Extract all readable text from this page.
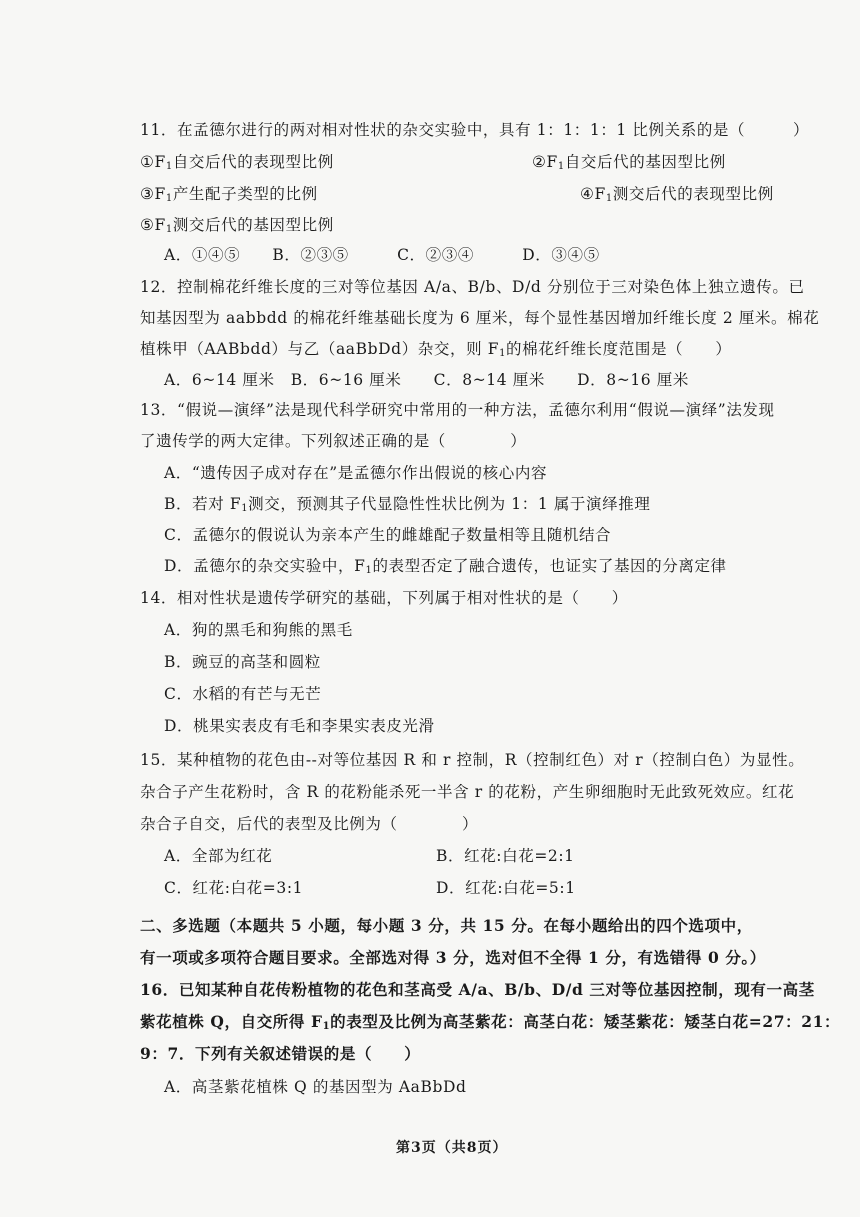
11．在孟德尔进行的两对相对性状的杂交实验中，具有 1：1：1：1 比例关系的是（	）
$①F_1$自交后代的表现型比例	$②F_1$自交后代的基因型比例
$③F_1$产生配子类型的比例	$④F_1$测交后代的表现型比例
$⑤F_1$测交后代的基因型比例
A．①④⑤　　B．②③⑤　　　C．②③④　　　D．③④⑤
12．控制棉花纤维长度的三对等位基因 A/a、B/b、D/d 分别位于三对染色体上独立遗传。已
知基因型为 aabbdd 的棉花纤维基础长度为 6 厘米，每个显性基因增加纤维长度 2 厘米。棉花
植株甲（AABbdd）与乙（aaBbDd）杂交，则 $F_1$的棉花纤维长度范围是（　　）
A．6~14 厘米　B．6~16 厘米　　C．8~14 厘米　　D．8~16 厘米
13．“假说—演绎”法是现代科学研究中常用的一种方法，孟德尔利用“假说—演绎”法发现
了遗传学的两大定律。下列叙述正确的是（　　　　）
A．“遗传因子成对存在”是孟德尔作出假说的核心内容
B．若对 $F_1$测交，预测其子代显隐性性状比例为 1：1 属于演绎推理
C．孟德尔的假说认为亲本产生的雌雄配子数量相等且随机结合
D．孟德尔的杂交实验中，$F_1$的表型否定了融合遗传，也证实了基因的分离定律
14．相对性状是遗传学研究的基础，下列属于相对性状的是（　　）
A．狗的黑毛和狗熊的黑毛
B．豌豆的高茎和圆粒
C．水稻的有芒与无芒
D．桃果实表皮有毛和李果实表皮光滑
15．某种植物的花色由--对等位基因 R 和 r 控制，R（控制红色）对 r（控制白色）为显性。
杂合子产生花粉时，含 R 的花粉能杀死一半含 r 的花粉，产生卵细胞时无此致死效应。红花
杂合子自交，后代的表型及比例为（　　　　）
A．全部为红花	B．红花:白花=2:1
C．红花:白花=3:1	D．红花:白花=5:1
二、多选题（本题共 5 小题，每小题 3 分，共 15 分。在每小题给出的四个选项中，
有一项或多项符合题目要求。全部选对得 3 分，选对但不全得 1 分，有选错得 0 分。）
16．已知某种自花传粉植物的花色和茎高受 A/a、B/b、D/d 三对等位基因控制，现有一高茎
紫花植株 Q，自交所得 $F_1$的表型及比例为高茎紫花：高茎白花：矮茎紫花：矮茎白花=27：21：
9：7．下列有关叙述错误的是（　　）
A．高茎紫花植株 Q 的基因型为 AaBbDd
第3页（共8页）
